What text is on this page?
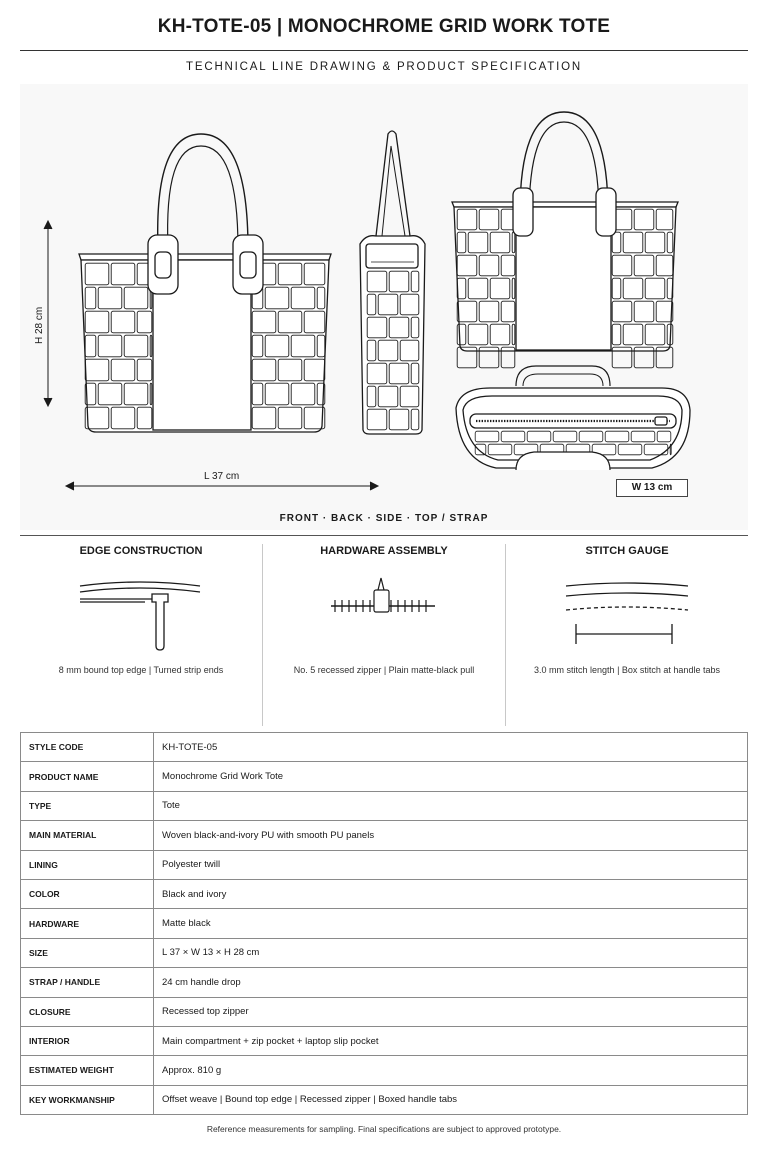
KH-TOTE-05 | MONOCHROME GRID WORK TOTE
TECHNICAL LINE DRAWING & PRODUCT SPECIFICATION
H 28 cm
L 37 cm
W 13 cm
FRONT · BACK · SIDE · TOP / STRAP
EDGE CONSTRUCTION
8 mm bound top edge | Turned strip ends
HARDWARE ASSEMBLY
No. 5 recessed zipper | Plain matte-black pull
STITCH GAUGE
3.0 mm stitch length | Box stitch at handle tabs
STYLE CODE	KH-TOTE-05
PRODUCT NAME	Monochrome Grid Work Tote
TYPE	Tote
MAIN MATERIAL	Woven black-and-ivory PU with smooth PU panels
LINING	Polyester twill
COLOR	Black and ivory
HARDWARE	Matte black
SIZE	L 37 × W 13 × H 28 cm
STRAP / HANDLE	24 cm handle drop
CLOSURE	Recessed top zipper
INTERIOR	Main compartment + zip pocket + laptop slip pocket
ESTIMATED WEIGHT	Approx. 810 g
KEY WORKMANSHIP	Offset weave | Bound top edge | Recessed zipper | Boxed handle tabs
Reference measurements for sampling. Final specifications are subject to approved prototype.
